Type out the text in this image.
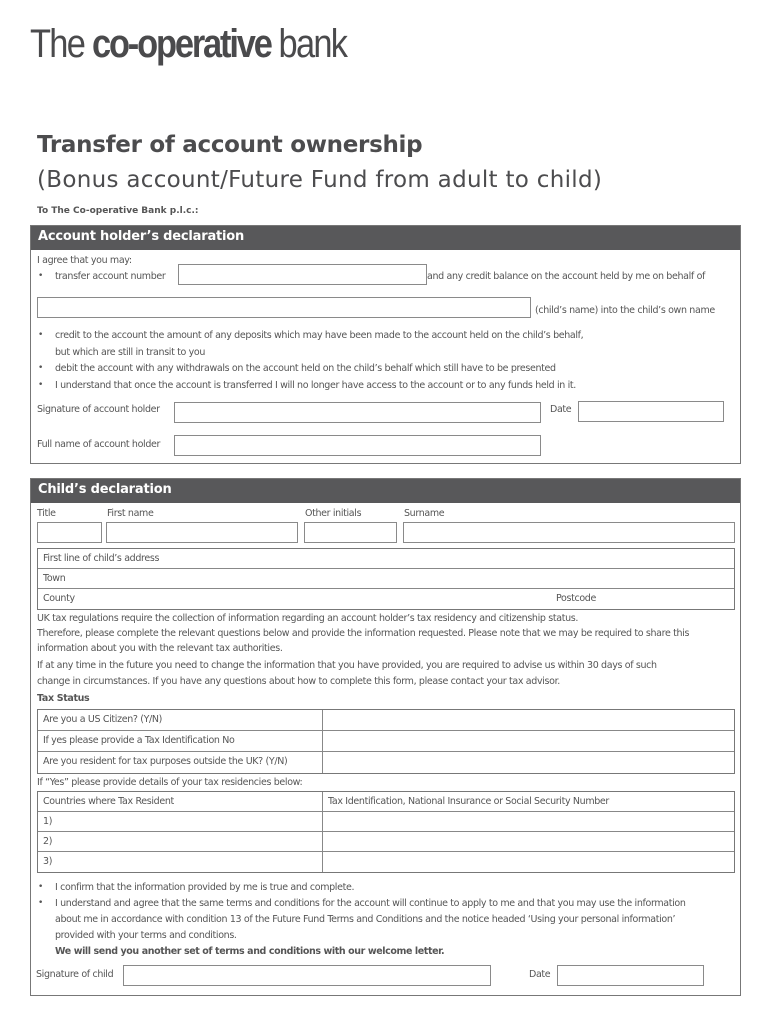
The co-operative bank
Transfer of account ownership
(Bonus account/Future Fund from adult to child)
To The Co-operative Bank p.l.c.:
Account holder’s declaration
I agree that you may:
• transfer account number	and any credit balance on the account held by me on behalf of
(child’s name) into the child’s own name
• credit to the account the amount of any deposits which may have been made to the account held on the child’s behalf,
but which are still in transit to you
• debit the account with any withdrawals on the account held on the child’s behalf which still have to be presented
• I understand that once the account is transferred I will no longer have access to the account or to any funds held in it.
Signature of account holder	Date
Full name of account holder
Child’s declaration
Title	First name	Other initials	Surname
First line of child’s address
Town
County	Postcode
UK tax regulations require the collection of information regarding an account holder’s tax residency and citizenship status.
Therefore, please complete the relevant questions below and provide the information requested. Please note that we may be required to share this
information about you with the relevant tax authorities.
If at any time in the future you need to change the information that you have provided, you are required to advise us within 30 days of such
change in circumstances. If you have any questions about how to complete this form, please contact your tax advisor.
Tax Status
Are you a US Citizen? (Y/N)
If yes please provide a Tax Identification No
Are you resident for tax purposes outside the UK? (Y/N)
If “Yes” please provide details of your tax residencies below:
Countries where Tax Resident	Tax Identification, National Insurance or Social Security Number
1)
2)
3)
• I confirm that the information provided by me is true and complete.
• I understand and agree that the same terms and conditions for the account will continue to apply to me and that you may use the information
about me in accordance with condition 13 of the Future Fund Terms and Conditions and the notice headed ‘Using your personal information’
provided with your terms and conditions.
We will send you another set of terms and conditions with our welcome letter.
Signature of child	Date
